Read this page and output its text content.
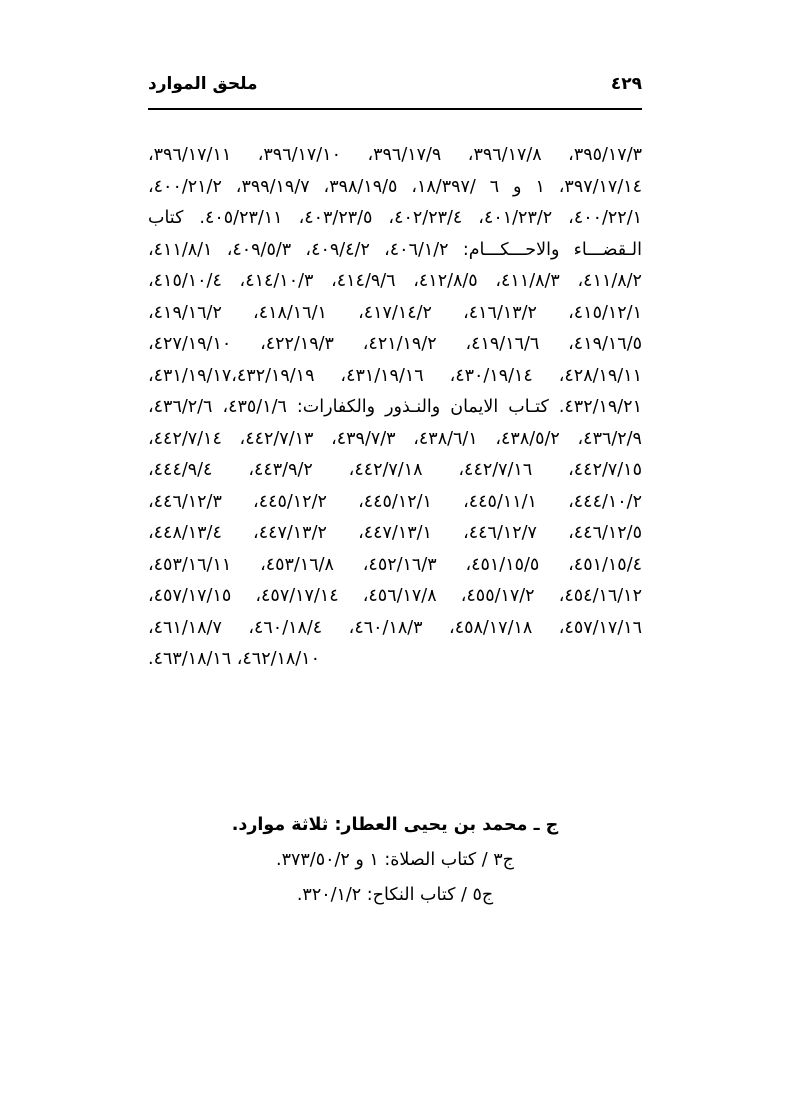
ملحق الموارد	٤٢٩
٣٩٥/١٧/٣، ٣٩٦/١٧/٨، ٣٩٦/١٧/٩، ٣٩٦/١٧/١٠، ٣٩٦/١٧/١١،
٣٩٧/١٧/١٤، ١ و ٦ /١٨/٣٩٧، ٣٩٨/١٩/٥، ٣٩٩/١٩/٧، ٤٠٠/٢١/٢،
٤٠٠/٢٢/١، ٤٠١/٢٣/٢، ٤٠٢/٢٣/٤، ٤٠٣/٢٣/٥، ٤٠٥/٢٣/١١. كتاب
الـقضـــاء والاحـــكـــام: ٤٠٦/١/٢، ٤٠٩/٤/٢، ٤٠٩/٥/٣، ٤١١/٨/١،
٤١١/٨/٢، ٤١١/٨/٣، ٤١٢/٨/٥، ٤١٤/٩/٦، ٤١٤/١٠/٣، ٤١٥/١٠/٤،
٤١٥/١٢/١، ٤١٦/١٣/٢، ٤١٧/١٤/٢، ٤١٨/١٦/١، ٤١٩/١٦/٢،
٤١٩/١٦/٥، ٤١٩/١٦/٦، ٤٢١/١٩/٢، ٤٢٢/١٩/٣، ٤٢٧/١٩/١٠،
٤٢٨/١٩/١١، ٤٣٠/١٩/١٤، ٤٣١/١٩/١٦، ٤٣١/١٩/١٧،٤٣٢/١٩/١٩،
٤٣٢/١٩/٢١. كتـاب الايمان والنـذور والكفارات: ٤٣٥/١/٦، ٤٣٦/٢/٦،
٤٣٦/٢/٩، ٤٣٨/٥/٢، ٤٣٨/٦/١، ٤٣٩/٧/٣، ٤٤٢/٧/١٣، ٤٤٢/٧/١٤،
٤٤٢/٧/١٥، ٤٤٢/٧/١٦، ٤٤٢/٧/١٨، ٤٤٣/٩/٢، ٤٤٤/٩/٤،
٤٤٤/١٠/٢، ٤٤٥/١١/١، ٤٤٥/١٢/١، ٤٤٥/١٢/٢، ٤٤٦/١٢/٣،
٤٤٦/١٢/٥، ٤٤٦/١٢/٧، ٤٤٧/١٣/١، ٤٤٧/١٣/٢، ٤٤٨/١٣/٤،
٤٥١/١٥/٤، ٤٥١/١٥/٥، ٤٥٢/١٦/٣، ٤٥٣/١٦/٨، ٤٥٣/١٦/١١،
٤٥٤/١٦/١٢، ٤٥٥/١٧/٢، ٤٥٦/١٧/٨، ٤٥٧/١٧/١٤، ٤٥٧/١٧/١٥،
٤٥٧/١٧/١٦، ٤٥٨/١٧/١٨، ٤٦٠/١٨/٣، ٤٦٠/١٨/٤، ٤٦١/١٨/٧،
٤٦٢/١٨/١٠، ٤٦٣/١٨/١٦.
ج ـ محمد بن يحيى العطار: ثلاثة موارد.
ج٣ / كتاب الصلاة: ١ و ٣٧٣/٥٠/٢.
ج٥ / كتاب النكاح: ٣٢٠/١/٢.
